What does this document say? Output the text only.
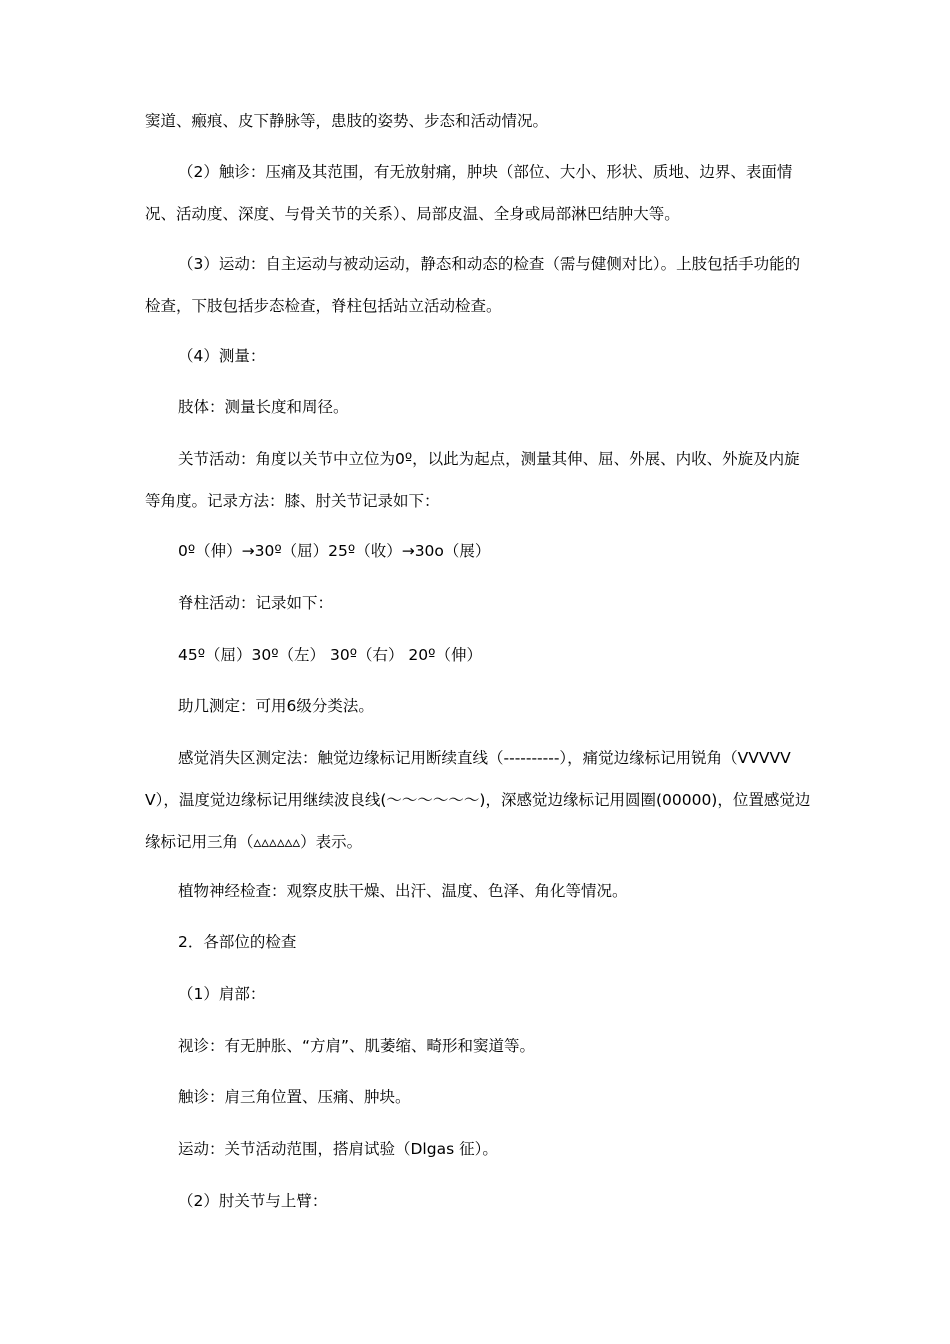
窦道、瘢痕、皮下静脉等，患肢的姿势、步态和活动情况。

（2）触诊：压痛及其范围，有无放射痛，肿块（部位、大小、形状、质地、边界、表面情况、活动度、深度、与骨关节的关系）、局部皮温、全身或局部淋巴结肿大等。

（3）运动：自主运动与被动运动，静态和动态的检查（需与健侧对比）。上肢包括手功能的检查，下肢包括步态检查，脊柱包括站立活动检查。

（4）测量：

肢体：测量长度和周径。

关节活动：角度以关节中立位为0º，以此为起点，测量其伸、屈、外展、内收、外旋及内旋等角度。记录方法：膝、肘关节记录如下：

0º（伸）→30º（屈）25º（收）→30o（展）

脊柱活动：记录如下：

45º（屈）30º（左） 30º（右） 20º（伸）

助几测定：可用6级分类法。

感觉消失区测定法：触觉边缘标记用断续直线（----------），痛觉边缘标记用锐角（VVVVVV），温度觉边缘标记用继续波良线(～～～～～～)，深感觉边缘标记用圆圈(00000)，位置感觉边缘标记用三角（▵▵▵▵▵▵）表示。

植物神经检查：观察皮肤干燥、出汗、温度、色泽、角化等情况。

2．各部位的检查

（1）肩部：

视诊：有无肿胀、“方肩”、肌萎缩、畸形和窦道等。

触诊：肩三角位置、压痛、肿块。

运动：关节活动范围，搭肩试验（Dlgas 征）。

（2）肘关节与上臂：
